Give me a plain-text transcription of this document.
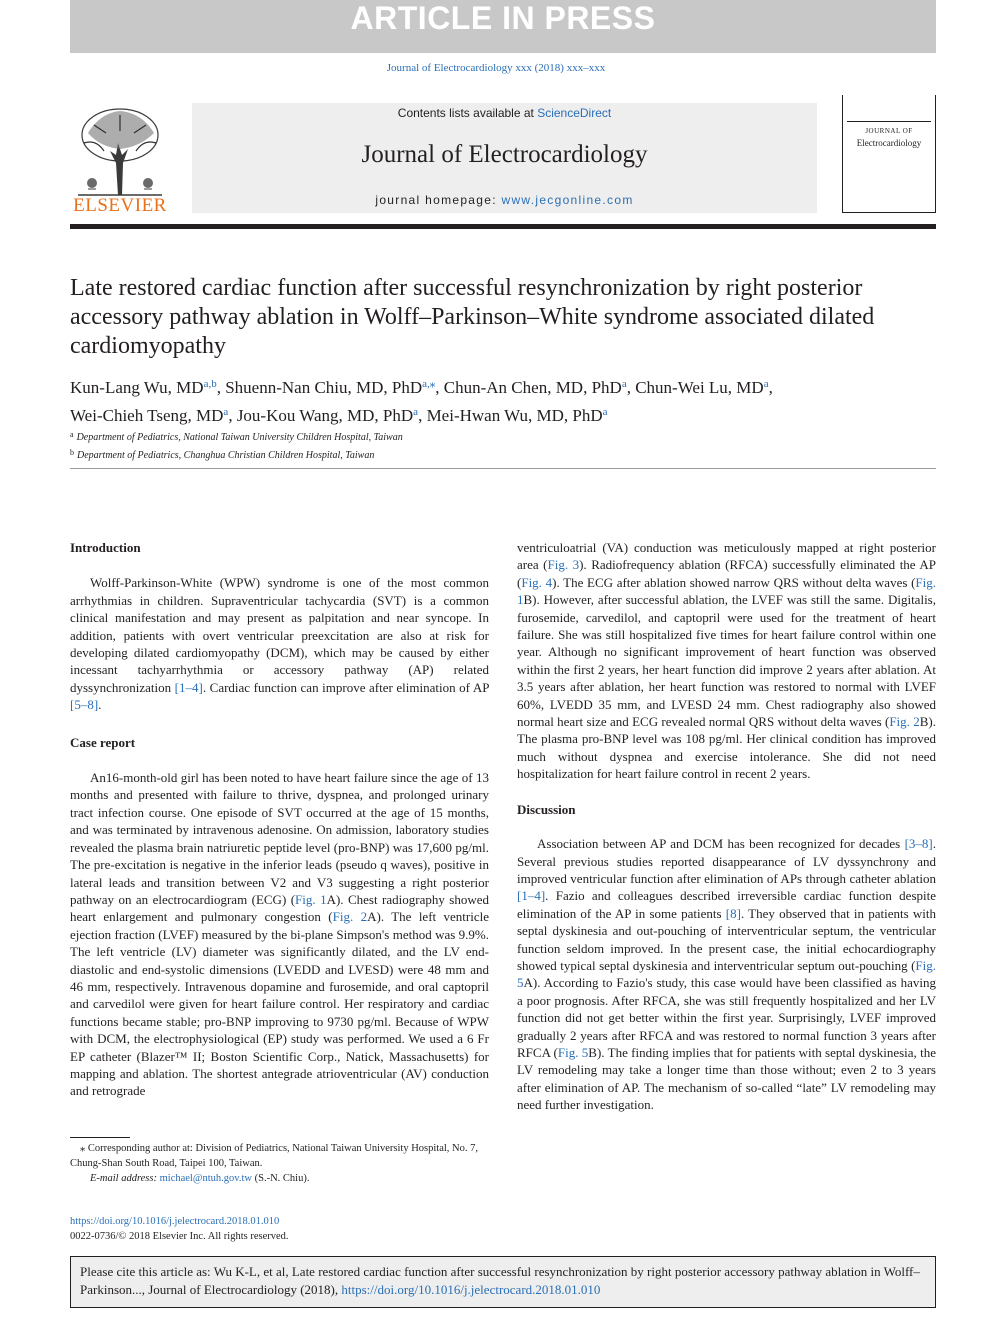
ARTICLE IN PRESS
Journal of Electrocardiology xxx (2018) xxx–xxx
ELSEVIER
Contents lists available at ScienceDirect
Journal of Electrocardiology
journal homepage: www.jecgonline.com
JOURNAL OF
Electrocardiology
Late restored cardiac function after successful resynchronization by right posterior accessory pathway ablation in Wolff–Parkinson–White syndrome associated dilated cardiomyopathy
Kun-Lang Wu, MD$^{a,b}$, Shuenn-Nan Chiu, MD, PhD$^{a,⁎}$, Chun-An Chen, MD, PhD$^a$, Chun-Wei Lu, $MD^a$,
Wei-Chieh Tseng, $MD^a$, Jou-Kou Wang, MD, PhD$^a$, Mei-Hwan Wu, MD, PhD$^a$
$^a$ Department of Pediatrics, National Taiwan University Children Hospital, Taiwan
$^b$ Department of Pediatrics, Changhua Christian Children Hospital, Taiwan
Introduction

Wolff-Parkinson-White (WPW) syndrome is one of the most common arrhythmias in children. Supraventricular tachycardia (SVT) is a common clinical manifestation and may present as palpitation and near syncope. In addition, patients with overt ventricular preexcitation are also at risk for developing dilated cardiomyopathy (DCM), which may be caused by either incessant tachyarrhythmia or accessory pathway (AP) related dyssynchronization [1–4]. Cardiac function can improve after elimination of AP [5–8].

Case report

An16-month-old girl has been noted to have heart failure since the age of 13 months and presented with failure to thrive, dyspnea, and prolonged urinary tract infection course. One episode of SVT occurred at the age of 15 months, and was terminated by intravenous adenosine. On admission, laboratory studies revealed the plasma brain natriuretic peptide level (pro-BNP) was 17,600 pg/ml. The pre-excitation is negative in the inferior leads (pseudo q waves), positive in lateral leads and transition between V2 and V3 suggesting a right posterior pathway on an electrocardiogram (ECG) (Fig. 1A). Chest radiography showed heart enlargement and pulmonary congestion (Fig. 2A). The left ventricle ejection fraction (LVEF) measured by the bi-plane Simpson's method was 9.9%. The left ventricle (LV) diameter was significantly dilated, and the LV end-diastolic and end-systolic dimensions (LVEDD and LVESD) were 48 mm and 46 mm, respectively. Intravenous dopamine and furosemide, and oral captopril and carvedilol were given for heart failure control. Her respiratory and cardiac functions became stable; pro-BNP improving to 9730 pg/ml. Because of WPW with DCM, the electrophysiological (EP) study was performed. We used a 6 Fr EP catheter (Blazer™ II; Boston Scientific Corp., Natick, Massachusetts) for mapping and ablation. The shortest antegrade atrioventricular (AV) conduction and retrograde

ventriculoatrial (VA) conduction was meticulously mapped at right posterior area (Fig. 3). Radiofrequency ablation (RFCA) successfully eliminated the AP (Fig. 4). The ECG after ablation showed narrow QRS without delta waves (Fig. 1B). However, after successful ablation, the LVEF was still the same. Digitalis, furosemide, carvedilol, and captopril were used for the treatment of heart failure. She was still hospitalized five times for heart failure control within one year. Although no significant improvement of heart function was observed within the first 2 years, her heart function did improve 2 years after ablation. At 3.5 years after ablation, her heart function was restored to normal with LVEF 60%, LVEDD 35 mm, and LVESD 24 mm. Chest radiography also showed normal heart size and ECG revealed normal QRS without delta waves (Fig. 2B). The plasma pro-BNP level was 108 pg/ml. Her clinical condition has improved much without dyspnea and exercise intolerance. She did not need hospitalization for heart failure control in recent 2 years.

Discussion

Association between AP and DCM has been recognized for decades [3–8]. Several previous studies reported disappearance of LV dyssynchrony and improved ventricular function after elimination of APs through catheter ablation [1–4]. Fazio and colleagues described irreversible cardiac function despite elimination of the AP in some patients [8]. They observed that in patients with septal dyskinesia and out-pouching of interventricular septum, the ventricular function seldom improved. In the present case, the initial echocardiography showed typical septal dyskinesia and interventricular septum out-pouching (Fig. 5A). According to Fazio's study, this case would have been classified as having a poor prognosis. After RFCA, she was still frequently hospitalized and her LV function did not get better within the first year. Surprisingly, LVEF improved gradually 2 years after RFCA and was restored to normal function 3 years after RFCA (Fig. 5B). The finding implies that for patients with septal dyskinesia, the LV remodeling may take a longer time than those without; even 2 to 3 years after elimination of AP. The mechanism of so-called “late” LV remodeling may need further investigation.

⁎ Corresponding author at: Division of Pediatrics, National Taiwan University Hospital, No. 7, Chung-Shan South Road, Taipei 100, Taiwan.
E-mail address: michael@ntuh.gov.tw (S.-N. Chiu).
https://doi.org/10.1016/j.jelectrocard.2018.01.010
0022-0736/© 2018 Elsevier Inc. All rights reserved.
Please cite this article as: Wu K-L, et al, Late restored cardiac function after successful resynchronization by right posterior accessory pathway ablation in Wolff–Parkinson..., Journal of Electrocardiology (2018), https://doi.org/10.1016/j.jelectrocard.2018.01.010
